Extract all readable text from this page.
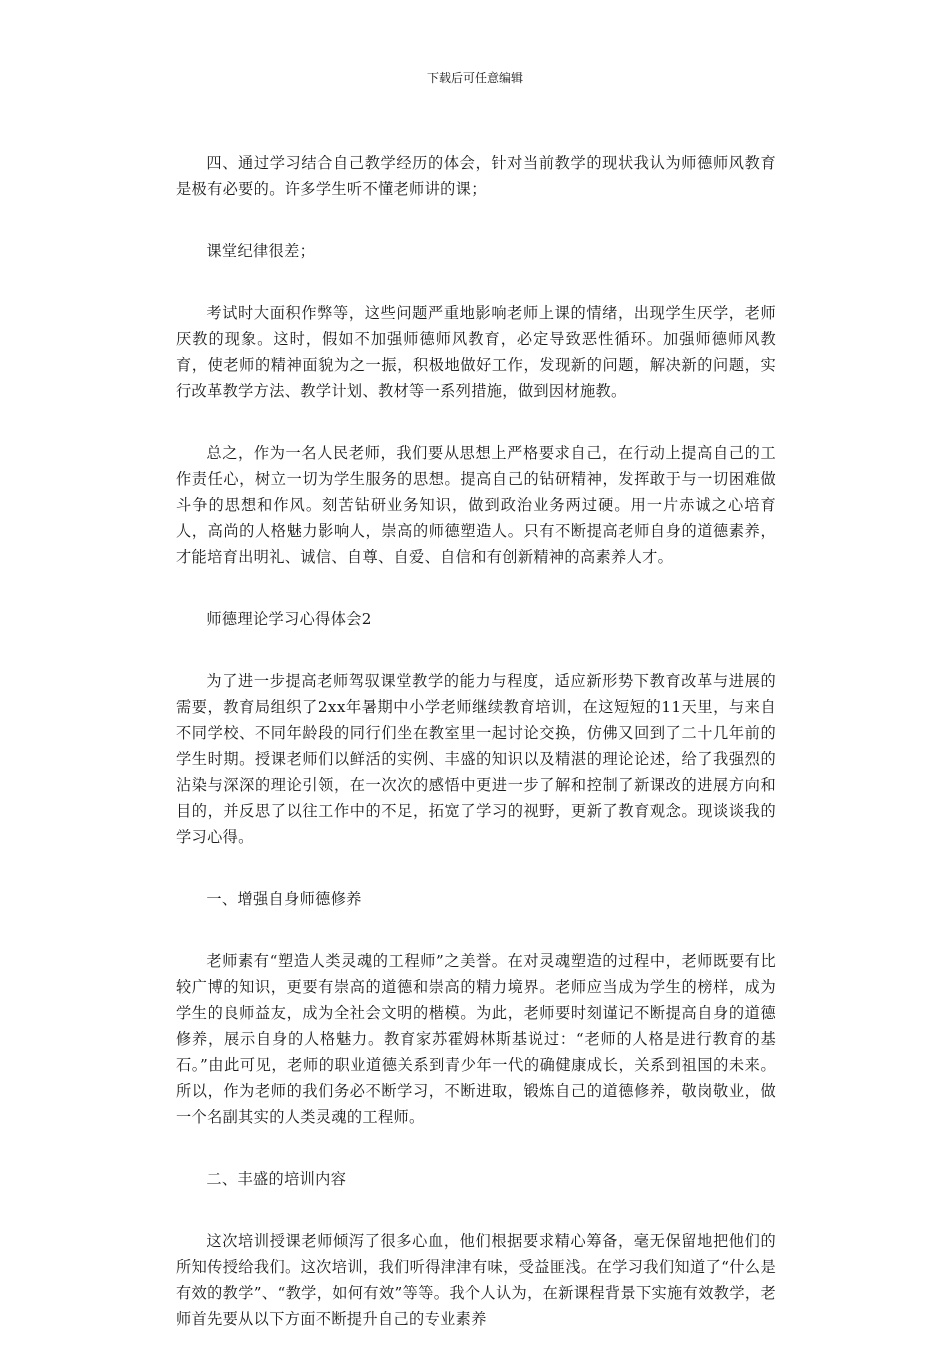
下载后可任意编辑

四、通过学习结合自己教学经历的体会，针对当前教学的现状我认为师德师风教育是极有必要的。许多学生听不懂老师讲的课；

课堂纪律很差；

考试时大面积作弊等，这些问题严重地影响老师上课的情绪，出现学生厌学，老师厌教的现象。这时，假如不加强师德师风教育，必定导致恶性循环。加强师德师风教育，使老师的精神面貌为之一振，积极地做好工作，发现新的问题，解决新的问题，实行改革教学方法、教学计划、教材等一系列措施，做到因材施教。

总之，作为一名人民老师，我们要从思想上严格要求自己，在行动上提高自己的工作责任心，树立一切为学生服务的思想。提高自己的钻研精神，发挥敢于与一切困难做斗争的思想和作风。刻苦钻研业务知识，做到政治业务两过硬。用一片赤诚之心培育人，高尚的人格魅力影响人，崇高的师德塑造人。只有不断提高老师自身的道德素养，才能培育出明礼、诚信、自尊、自爱、自信和有创新精神的高素养人才。

师德理论学习心得体会2

为了进一步提高老师驾驭课堂教学的能力与程度，适应新形势下教育改革与进展的需要，教育局组织了2xx年暑期中小学老师继续教育培训，在这短短的11天里，与来自不同学校、不同年龄段的同行们坐在教室里一起讨论交换，仿佛又回到了二十几年前的学生时期。授课老师们以鲜活的实例、丰盛的知识以及精湛的理论论述，给了我强烈的沾染与深深的理论引领，在一次次的感悟中更进一步了解和控制了新课改的进展方向和目的，并反思了以往工作中的不足，拓宽了学习的视野，更新了教育观念。现谈谈我的学习心得。

一、增强自身师德修养

老师素有“塑造人类灵魂的工程师”之美誉。在对灵魂塑造的过程中，老师既要有比较广博的知识，更要有崇高的道德和崇高的精力境界。老师应当成为学生的榜样，成为学生的良师益友，成为全社会文明的楷模。为此，老师要时刻谨记不断提高自身的道德修养，展示自身的人格魅力。教育家苏霍姆林斯基说过：“老师的人格是进行教育的基石。”由此可见，老师的职业道德关系到青少年一代的确健康成长，关系到祖国的未来。所以，作为老师的我们务必不断学习，不断进取，锻炼自己的道德修养，敬岗敬业，做一个名副其实的人类灵魂的工程师。

二、丰盛的培训内容

这次培训授课老师倾泻了很多心血，他们根据要求精心筹备，毫无保留地把他们的所知传授给我们。这次培训，我们听得津津有味，受益匪浅。在学习我们知道了“什么是有效的教学”、“教学，如何有效”等等。我个人认为，在新课程背景下实施有效教学，老师首先要从以下方面不断提升自己的专业素养
